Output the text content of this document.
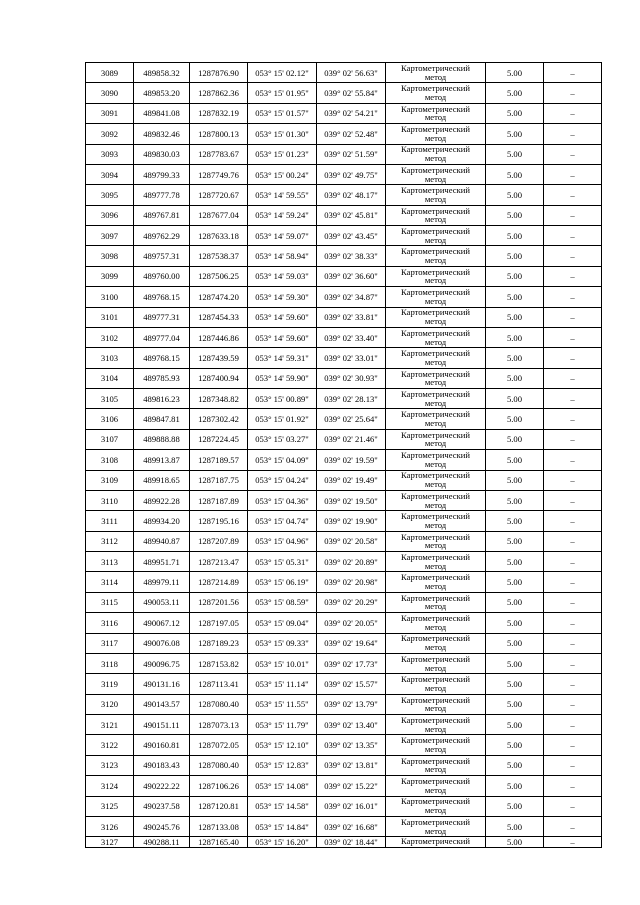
3089	489858.32	1287876.90	053° 15' 02.12"	039° 02' 56.63"	Картометрический
метод	5.00	–
3090	489853.20	1287862.36	053° 15' 01.95"	039° 02' 55.84"	Картометрический
метод	5.00	–
3091	489841.08	1287832.19	053° 15' 01.57"	039° 02' 54.21"	Картометрический
метод	5.00	–
3092	489832.46	1287800.13	053° 15' 01.30"	039° 02' 52.48"	Картометрический
метод	5.00	–
3093	489830.03	1287783.67	053° 15' 01.23"	039° 02' 51.59"	Картометрический
метод	5.00	–
3094	489799.33	1287749.76	053° 15' 00.24"	039° 02' 49.75"	Картометрический
метод	5.00	–
3095	489777.78	1287720.67	053° 14' 59.55"	039° 02' 48.17"	Картометрический
метод	5.00	–
3096	489767.81	1287677.04	053° 14' 59.24"	039° 02' 45.81"	Картометрический
метод	5.00	–
3097	489762.29	1287633.18	053° 14' 59.07"	039° 02' 43.45"	Картометрический
метод	5.00	–
3098	489757.31	1287538.37	053° 14' 58.94"	039° 02' 38.33"	Картометрический
метод	5.00	–
3099	489760.00	1287506.25	053° 14' 59.03"	039° 02' 36.60"	Картометрический
метод	5.00	–
3100	489768.15	1287474.20	053° 14' 59.30"	039° 02' 34.87"	Картометрический
метод	5.00	–
3101	489777.31	1287454.33	053° 14' 59.60"	039° 02' 33.81"	Картометрический
метод	5.00	–
3102	489777.04	1287446.86	053° 14' 59.60"	039° 02' 33.40"	Картометрический
метод	5.00	–
3103	489768.15	1287439.59	053° 14' 59.31"	039° 02' 33.01"	Картометрический
метод	5.00	–
3104	489785.93	1287400.94	053° 14' 59.90"	039° 02' 30.93"	Картометрический
метод	5.00	–
3105	489816.23	1287348.82	053° 15' 00.89"	039° 02' 28.13"	Картометрический
метод	5.00	–
3106	489847.81	1287302.42	053° 15' 01.92"	039° 02' 25.64"	Картометрический
метод	5.00	–
3107	489888.88	1287224.45	053° 15' 03.27"	039° 02' 21.46"	Картометрический
метод	5.00	–
3108	489913.87	1287189.57	053° 15' 04.09"	039° 02' 19.59"	Картометрический
метод	5.00	–
3109	489918.65	1287187.75	053° 15' 04.24"	039° 02' 19.49"	Картометрический
метод	5.00	–
3110	489922.28	1287187.89	053° 15' 04.36"	039° 02' 19.50"	Картометрический
метод	5.00	–
3111	489934.20	1287195.16	053° 15' 04.74"	039° 02' 19.90"	Картометрический
метод	5.00	–
3112	489940.87	1287207.89	053° 15' 04.96"	039° 02' 20.58"	Картометрический
метод	5.00	–
3113	489951.71	1287213.47	053° 15' 05.31"	039° 02' 20.89"	Картометрический
метод	5.00	–
3114	489979.11	1287214.89	053° 15' 06.19"	039° 02' 20.98"	Картометрический
метод	5.00	–
3115	490053.11	1287201.56	053° 15' 08.59"	039° 02' 20.29"	Картометрический
метод	5.00	–
3116	490067.12	1287197.05	053° 15' 09.04"	039° 02' 20.05"	Картометрический
метод	5.00	–
3117	490076.08	1287189.23	053° 15' 09.33"	039° 02' 19.64"	Картометрический
метод	5.00	–
3118	490096.75	1287153.82	053° 15' 10.01"	039° 02' 17.73"	Картометрический
метод	5.00	–
3119	490131.16	1287113.41	053° 15' 11.14"	039° 02' 15.57"	Картометрический
метод	5.00	–
3120	490143.57	1287080.40	053° 15' 11.55"	039° 02' 13.79"	Картометрический
метод	5.00	–
3121	490151.11	1287073.13	053° 15' 11.79"	039° 02' 13.40"	Картометрический
метод	5.00	–
3122	490160.81	1287072.05	053° 15' 12.10"	039° 02' 13.35"	Картометрический
метод	5.00	–
3123	490183.43	1287080.40	053° 15' 12.83"	039° 02' 13.81"	Картометрический
метод	5.00	–
3124	490222.22	1287106.26	053° 15' 14.08"	039° 02' 15.22"	Картометрический
метод	5.00	–
3125	490237.58	1287120.81	053° 15' 14.58"	039° 02' 16.01"	Картометрический
метод	5.00	–
3126	490245.76	1287133.08	053° 15' 14.84"	039° 02' 16.68"	Картометрический
метод	5.00	–
3127	490288.11	1287165.40	053° 15' 16.20"	039° 02' 18.44"	Картометрический	5.00	–
